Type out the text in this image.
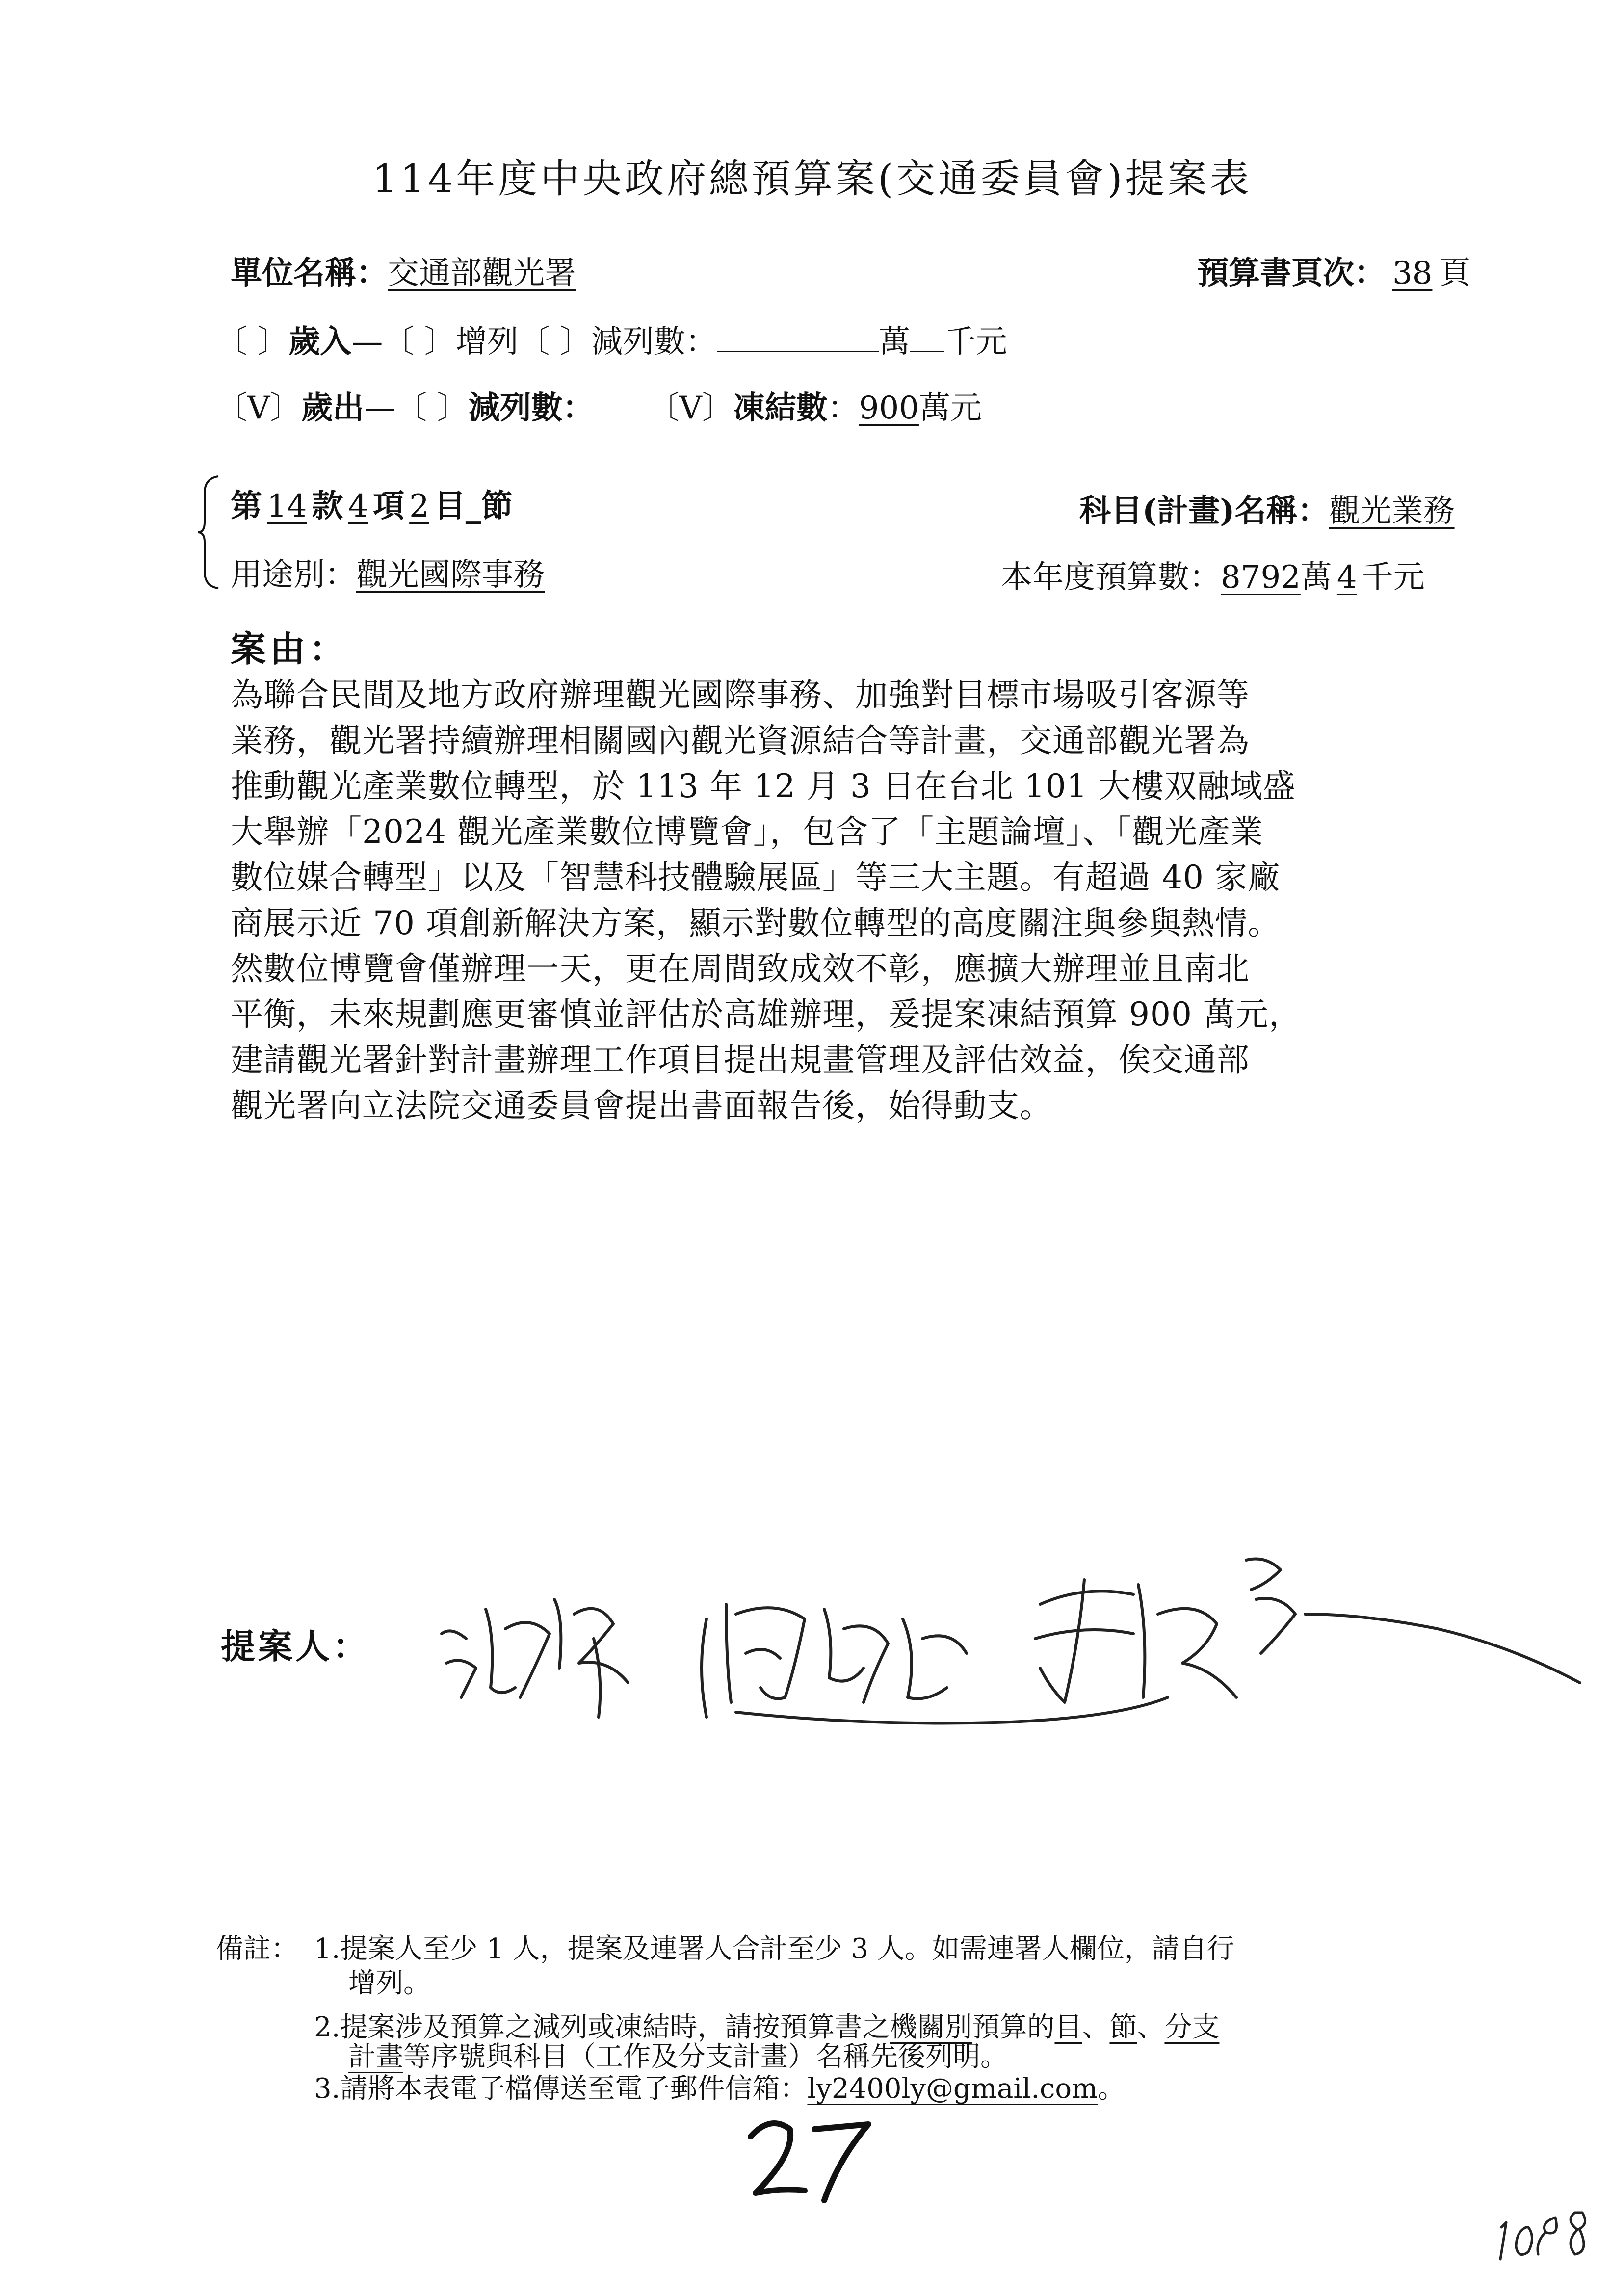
114年度中央政府總預算案(交通委員會)提案表
單位名稱：交通部觀光署	預算書頁次： 38 頁
〔 〕歲入—〔 〕增列〔 〕減列數：	萬 千元
〔V〕歲出—〔 〕減列數： 〔V〕凍結數：900萬元
第 14 款 4 項 2 目_節	科目(計畫)名稱：觀光業務
用途別：觀光國際事務	本年度預算數：8792萬 4 千元
案由：

為聯合民間及地方政府辦理觀光國際事務、加強對目標市場吸引客源等

業務，觀光署持續辦理相關國內觀光資源結合等計畫，交通部觀光署為

推動觀光產業數位轉型，於 113 年 12 月 3 日在台北 101 大樓双融域盛

大舉辦「2024 觀光產業數位博覽會」，包含了「主題論壇」、「觀光產業

數位媒合轉型」以及「智慧科技體驗展區」等三大主題。有超過 40 家廠

商展示近 70 項創新解決方案，顯示對數位轉型的高度關注與參與熱情。

然數位博覽會僅辦理一天，更在周間致成效不彰，應擴大辦理並且南北

平衡，未來規劃應更審慎並評估於高雄辦理，爰提案凍結預算 900 萬元，

建請觀光署針對計畫辦理工作項目提出規畫管理及評估效益，俟交通部

觀光署向立法院交通委員會提出書面報告後，始得動支。

提案人：
備註： 1.提案人至少 1 人，提案及連署人合計至少 3 人。如需連署人欄位，請自行
增列。
2.提案涉及預算之減列或凍結時，請按預算書之機關別預算的目、節、分支
計畫等序號與科目（工作及分支計畫）名稱先後列明。
3.請將本表電子檔傳送至電子郵件信箱：ly2400ly@gmail.com。
